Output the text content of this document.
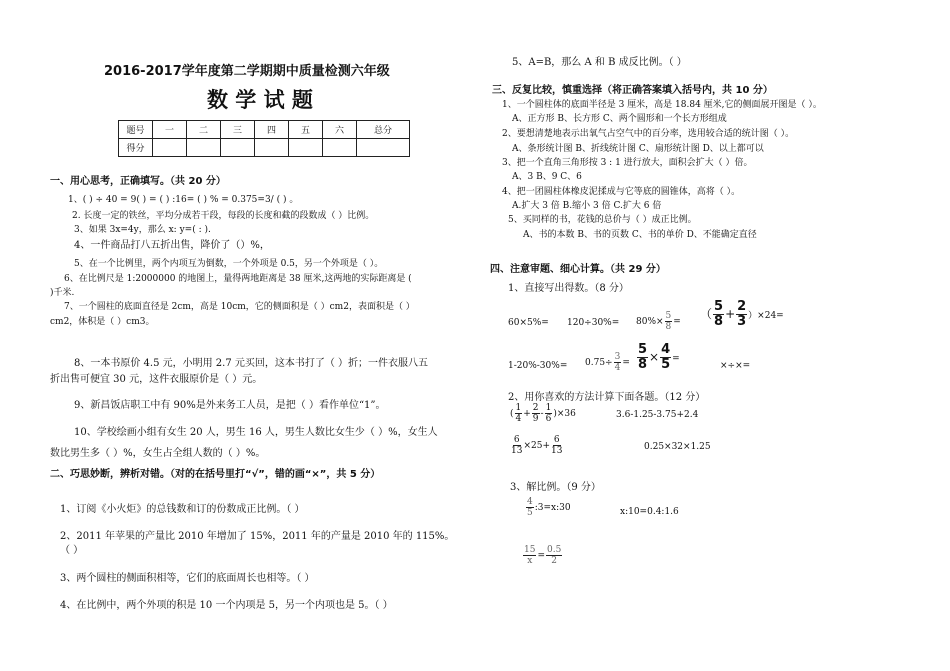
2016-2017学年度第二学期期中质量检测六年级
数 学 试 题
题号	一	二	三	四	五	六	总分
得分							
一、用心思考，正确填写。（共 20 分）
1、( ) ÷ 40 = 9( ) = ( ) :16= ( ) % = 0.375=3/ ( ) 。
2. 长度一定的铁丝，平均分成若干段，每段的长度和截的段数成（ ）比例。
3、如果 3x=4y，那么 x: y=( : ).
4、一件商品打八五折出售，降价了（）%，
5、在一个比例里，两个内项互为倒数，一个外项是 0.5，另一个外项是（ ）。
6、在比例尺是 1:2000000 的地图上，量得两地距离是 38 厘米,这两地的实际距离是 (
)千米.
7、一个圆柱的底面直径是 2cm，高是 10cm，它的侧面积是（ ）cm2，表面积是（ ）
cm2，体积是（ ）cm3。
8、一本书原价 4.5 元，小明用 2.7 元买回，这本书打了（ ）折；一件衣服八五
折出售可便宜 30 元，这件衣服原价是（ ）元。
9、新昌饭店职工中有 90%是外来务工人员，是把（ ）看作单位“1”。
10、学校绘画小组有女生 20 人，男生 16 人，男生人数比女生少（ ）%，女生人
数比男生多（ ）%，女生占全组人数的（ ）%。
二、巧思妙断，辨析对错。（对的在括号里打“√”，错的画“×”，共 5 分）
1、订阅《小火炬》的总钱数和订的份数成正比例。（ ）
2、2011 年苹果的产量比 2010 年增加了 15%，2011 年的产量是 2010 年的 115%。
（ ）
3、两个圆柱的侧面积相等，它们的底面周长也相等。（ ）
4、在比例中，两个外项的积是 10 一个内项是 5，另一个内项也是 5。（ ）
5、A=B，那么 A 和 B 成反比例。（ ）
三、反复比较，慎重选择（将正确答案填入括号内，共 10 分）
1、一个圆柱体的底面半径是 3 厘米，高是 18.84 厘米,它的侧面展开图是（ ）。
A、正方形 B、长方形 C、两个圆形和一个长方形组成
2、要想清楚地表示出氧气占空气中的百分率，选用较合适的统计图（ ）。
A、条形统计图 B、折线统计图 C、扇形统计图 D、以上都可以
3、把一个直角三角形按 3 : 1 进行放大，面积会扩大（ ）倍。
A、3 B、9 C、6
4、把一团圆柱体橡皮泥揉成与它等底的圆锥体，高将（ ）。
A.扩大 3 倍 B.缩小 3 倍 C.扩大 6 倍
5、买同样的书，花钱的总价与（ ）成正比例。
A、书的本数 B、书的页数 C、书的单价 D、不能确定直径
四、注意审题、细心计算。（共 29 分）
1、直接写出得数。（8 分）
$60\times 5\%= 120\div 30\%= 80\%\times \frac{5}{8}$ =
（ $\frac{5}{8} + \frac{2}{3} )\times 24=$
$1-20\%-30\%= 0.75\div \frac{3}{4} = \frac{5}{8} \times \frac{4}{5}$ =
×÷×=
2、用你喜欢的方法计算下面各题。（12 分）
( $\frac{1}{4} + \frac{2}{9} - \frac{1}{6} )\times 36$	3.6-1.25-3.75+2.4
$\frac{6}{13} \times 25+ \frac{6}{13}$	0.25×32×1.25
3、解比例。（9 分）
$\frac{4}{5}$ :3=x:30	x:10=0.4:1.6
$\frac{15}{x} = \frac{0.5}{2}$
